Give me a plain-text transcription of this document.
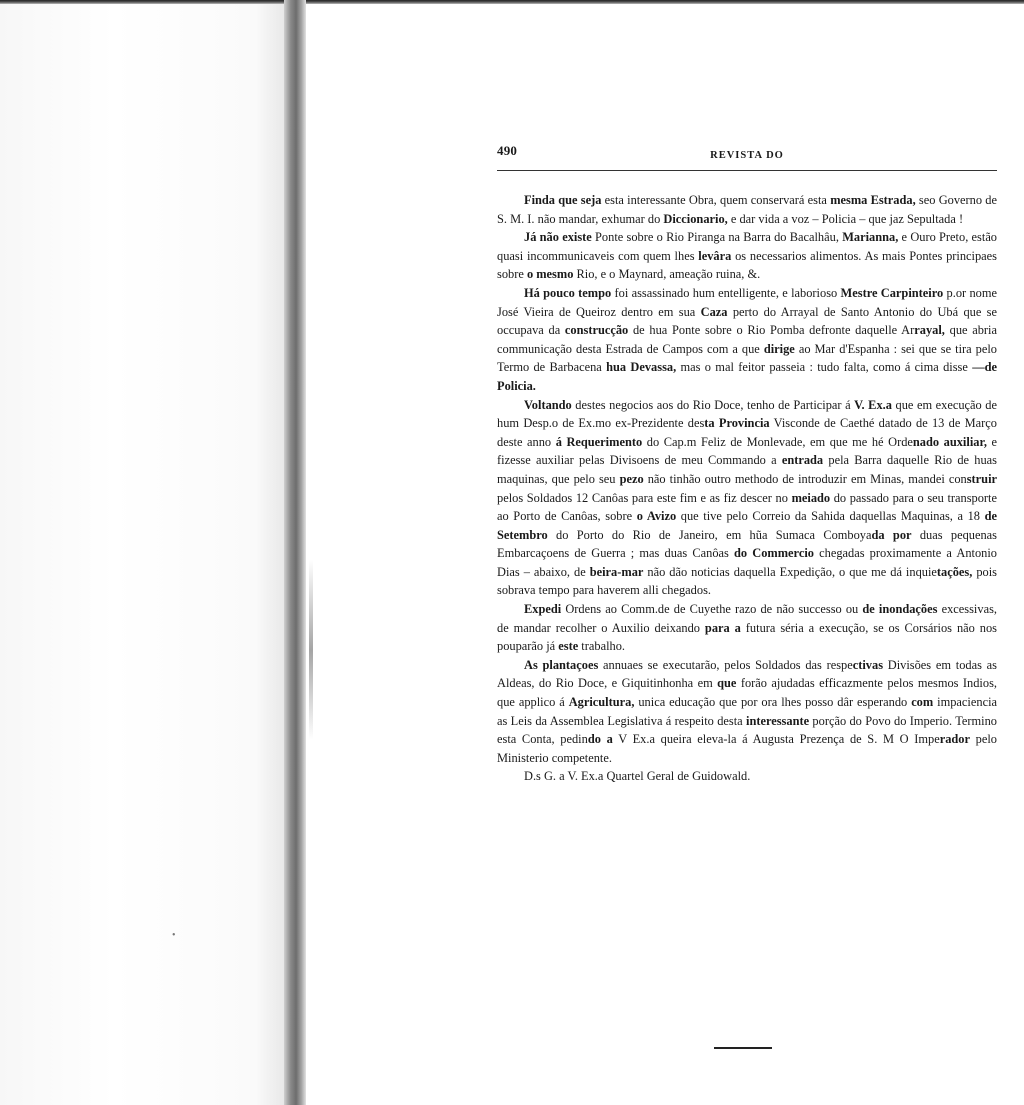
•
490	REVISTA DO

Finda que seja esta interessante Obra, quem conservará esta mesma Estrada, seo Governo de S. M. I. não mandar, exhumar do Diccionario, e dar vida a voz – Policia – que jaz Sepultada !

Já não existe Ponte sobre o Rio Piranga na Barra do Bacalhâu, Marianna, e Ouro Preto, estão quasi incommunicaveis com quem lhes levâra os necessarios alimentos. As mais Pontes principaes sobre o mesmo Rio, e o Maynard, ameação ruina, &.

Há pouco tempo foi assassinado hum entelligente, e laborioso Mestre Carpinteiro p.or nome José Vieira de Queiroz dentro em sua Caza perto do Arrayal de Santo Antonio do Ubá que se occupava da construcção de hua Ponte sobre o Rio Pomba defronte daquelle Arrayal, que abria communicação desta Estrada de Campos com a que dirige ao Mar d'Espanha : sei que se tira pelo Termo de Barbacena hua Devassa, mas o mal feitor passeia : tudo falta, como á cima disse —de Policia.

Voltando destes negocios aos do Rio Doce, tenho de Participar á V. Ex.a que em execução de hum Desp.o de Ex.mo ex-Prezidente desta Provincia Visconde de Caethé datado de 13 de Março deste anno á Requerimento do Cap.m Feliz de Monlevade, em que me hé Ordenado auxiliar, e fizesse auxiliar pelas Divisoens de meu Commando a entrada pela Barra daquelle Rio de huas maquinas, que pelo seu pezo não tinhão outro methodo de introduzir em Minas, mandei construir pelos Soldados 12 Canôas para este fim e as fiz descer no meiado do passado para o seu transporte ao Porto de Canôas, sobre o Avizo que tive pelo Correio da Sahida daquellas Maquinas, a 18 de Setembro do Porto do Rio de Janeiro, em hũa Sumaca Comboyada por duas pequenas Embarcaçoens de Guerra ; mas duas Canôas do Commercio chegadas proximamente a Antonio Dias – abaixo, de beira-mar não dão noticias daquella Expedição, o que me dá inquietações, pois sobrava tempo para haverem alli chegados.

Expedi Ordens ao Comm.de de Cuyethe razo de não successo ou de inondações excessivas, de mandar recolher o Auxilio deixando para a futura séria a execução, se os Corsários não nos pouparão já este trabalho.

As plantaçoes annuaes se executarão, pelos Soldados das respectivas Divisões em todas as Aldeas, do Rio Doce, e Giquitinhonha em que forão ajudadas efficazmente pelos mesmos Indios, que applico á Agricultura, unica educação que por ora lhes posso dâr esperando com impaciencia as Leis da Assemblea Legislativa á respeito desta interessante porção do Povo do Imperio. Termino esta Conta, pedindo a V Ex.a queira eleva-la á Augusta Prezença de S. M O Imperador pelo Ministerio competente.

D.s G. a V. Ex.a Quartel Geral de Guidowald.
